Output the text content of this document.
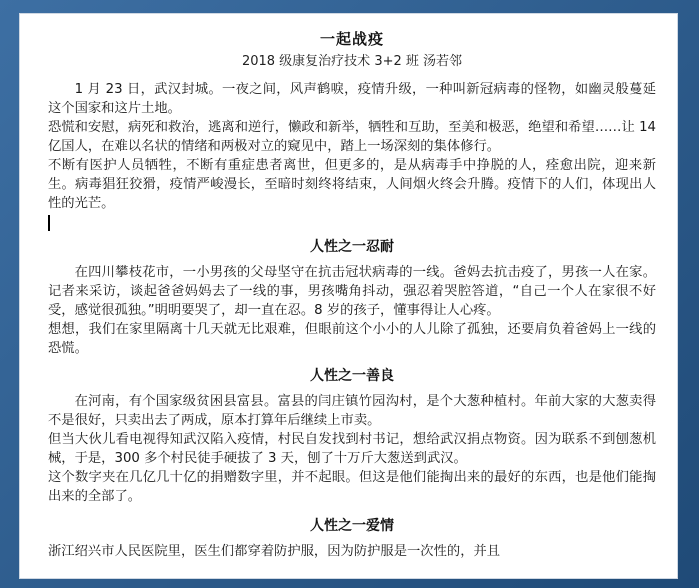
一起战疫
2018 级康复治疗技术 3+2 班 汤若邻

1 月 23 日，武汉封城。一夜之间，风声鹤唳，疫情升级，一种叫新冠病毒的怪物，如幽灵般蔓延这个国家和这片土地。

恐慌和安慰，病死和救治，逃离和逆行，懒政和新举，牺牲和互助，至美和极恶，绝望和希望……让 14 亿国人，在难以名状的情绪和两极对立的窥见中，踏上一场深刻的集体修行。

不断有医护人员牺牲，不断有重症患者离世，但更多的，是从病毒手中挣脱的人，痊愈出院，迎来新生。病毒猖狂狡猾，疫情严峻漫长，至暗时刻终将结束，人间烟火终会升腾。疫情下的人们，体现出人性的光芒。

人性之一忍耐

在四川攀枝花市，一小男孩的父母坚守在抗击冠状病毒的一线。爸妈去抗击疫了，男孩一人在家。记者来采访，谈起爸爸妈妈去了一线的事，男孩嘴角抖动，强忍着哭腔答道，“自己一个人在家很不好受，感觉很孤独。”明明要哭了，却一直在忍。8 岁的孩子，懂事得让人心疼。

想想，我们在家里隔离十几天就无比艰难，但眼前这个小小的人儿除了孤独，还要肩负着爸妈上一线的恐慌。

人性之一善良

在河南，有个国家级贫困县富县。富县的闫庄镇竹园沟村，是个大葱种植村。年前大家的大葱卖得不是很好，只卖出去了两成，原本打算年后继续上市卖。

但当大伙儿看电视得知武汉陷入疫情，村民自发找到村书记，想给武汉捐点物资。因为联系不到刨葱机械，于是，300 多个村民徒手硬拔了 3 天，刨了十万斤大葱送到武汉。

这个数字夹在几亿几十亿的捐赠数字里，并不起眼。但这是他们能掏出来的最好的东西，也是他们能掏出来的全部了。

人性之一爱情

浙江绍兴市人民医院里，医生们都穿着防护服，因为防护服是一次性的，并且
